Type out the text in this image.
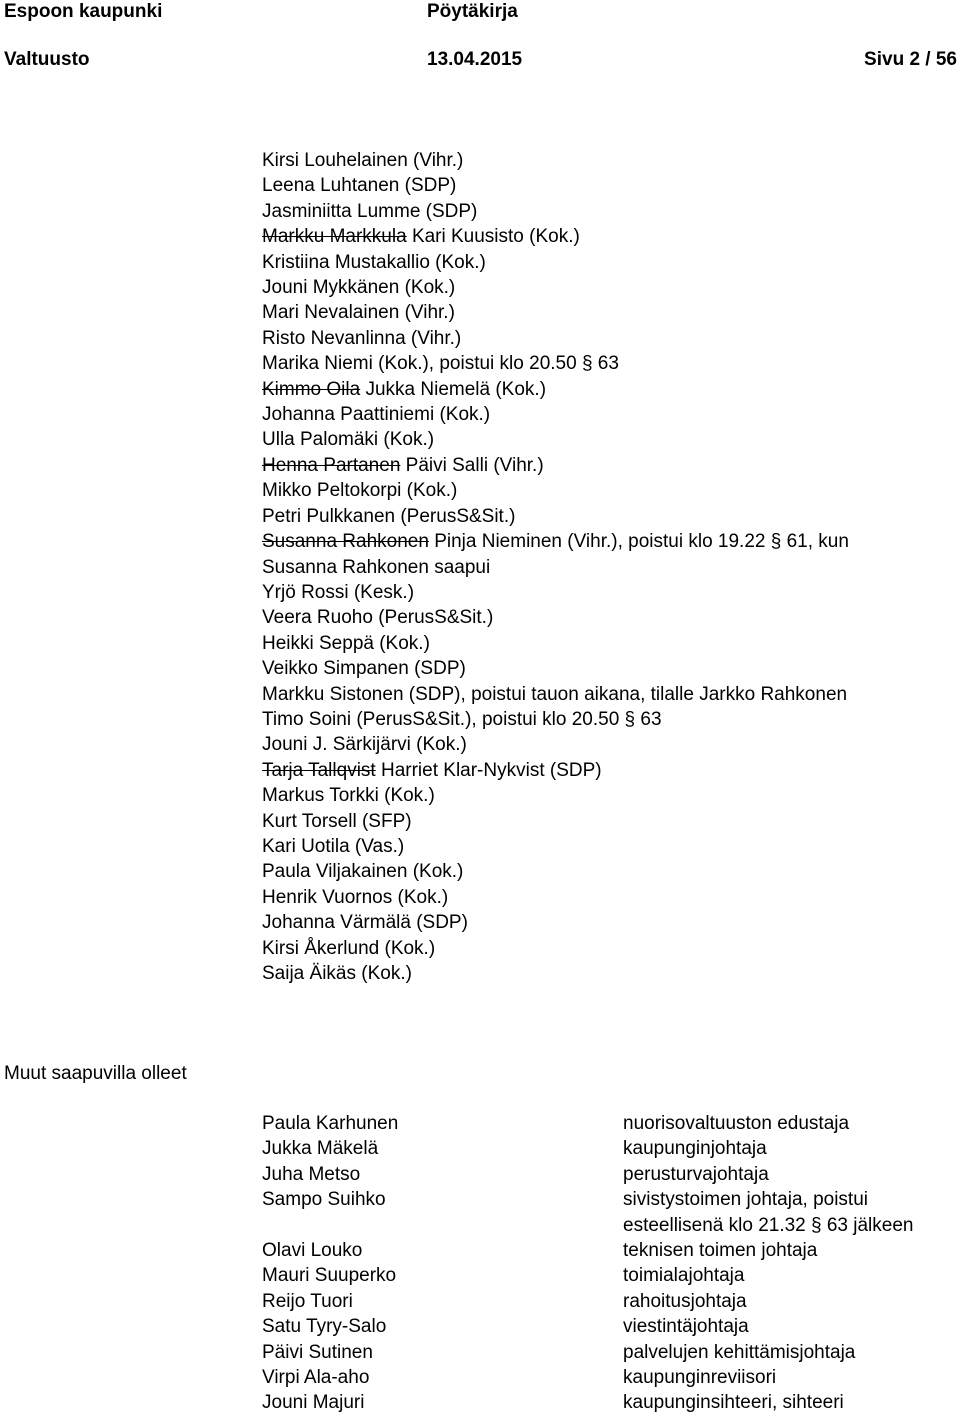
Espoon kaupunki	Pöytäkirja
Valtuusto	13.04.2015	Sivu 2 / 56
Kirsi Louhelainen (Vihr.)
Leena Luhtanen (SDP)
Jasminiitta Lumme (SDP)
Markku Markkula Kari Kuusisto (Kok.)
Kristiina Mustakallio (Kok.)
Jouni Mykkänen (Kok.)
Mari Nevalainen (Vihr.)
Risto Nevanlinna (Vihr.)
Marika Niemi (Kok.), poistui klo 20.50 § 63
Kimmo Oila Jukka Niemelä (Kok.)
Johanna Paattiniemi (Kok.)
Ulla Palomäki (Kok.)
Henna Partanen Päivi Salli (Vihr.)
Mikko Peltokorpi (Kok.)
Petri Pulkkanen (PerusS&Sit.)
Susanna Rahkonen Pinja Nieminen (Vihr.), poistui klo 19.22 § 61, kun
Susanna Rahkonen saapui
Yrjö Rossi (Kesk.)
Veera Ruoho (PerusS&Sit.)
Heikki Seppä (Kok.)
Veikko Simpanen (SDP)
Markku Sistonen (SDP), poistui tauon aikana, tilalle Jarkko Rahkonen
Timo Soini (PerusS&Sit.), poistui klo 20.50 § 63
Jouni J. Särkijärvi (Kok.)
Tarja Tallqvist Harriet Klar-Nykvist (SDP)
Markus Torkki (Kok.)
Kurt Torsell (SFP)
Kari Uotila (Vas.)
Paula Viljakainen (Kok.)
Henrik Vuornos (Kok.)
Johanna Värmälä (SDP)
Kirsi Åkerlund (Kok.)
Saija Äikäs (Kok.)
Muut saapuvilla olleet
Paula Karhunen	nuorisovaltuuston edustaja
Jukka Mäkelä	kaupunginjohtaja
Juha Metso	perusturvajohtaja
Sampo Suihko	sivistystoimen johtaja, poistui
esteellisenä klo 21.32 § 63 jälkeen
Olavi Louko	teknisen toimen johtaja
Mauri Suuperko	toimialajohtaja
Reijo Tuori	rahoitusjohtaja
Satu Tyry-Salo	viestintäjohtaja
Päivi Sutinen	palvelujen kehittämisjohtaja
Virpi Ala-aho	kaupunginreviisori
Jouni Majuri	kaupunginsihteeri, sihteeri
